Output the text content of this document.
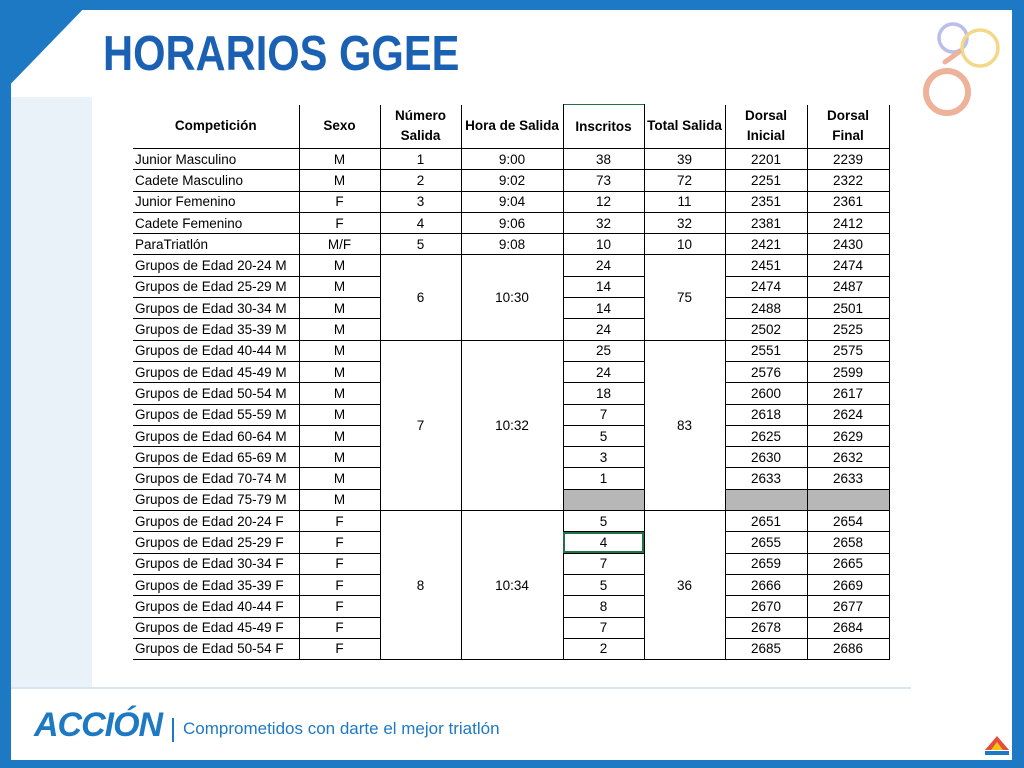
HORARIOS GGEE
Competición	Sexo	Número Salida	Hora de Salida	Inscritos	Total Salida	Dorsal Inicial	Dorsal Final
Junior Masculino	M	1	9:00	38	39	2201	2239
Cadete Masculino	M	2	9:02	73	72	2251	2322
Junior Femenino	F	3	9:04	12	11	2351	2361
Cadete Femenino	F	4	9:06	32	32	2381	2412
ParaTriatlón	M/F	5	9:08	10	10	2421	2430
Grupos de Edad 20-24 M	M	6	10:30	24	75	2451	2474
Grupos de Edad 25-29 M	M			14		2474	2487
Grupos de Edad 30-34 M	M			14		2488	2501
Grupos de Edad 35-39 M	M			24		2502	2525
Grupos de Edad 40-44 M	M	7	10:32	25	83	2551	2575
Grupos de Edad 45-49 M	M			24		2576	2599
Grupos de Edad 50-54 M	M			18		2600	2617
Grupos de Edad 55-59 M	M			7		2618	2624
Grupos de Edad 60-64 M	M			5		2625	2629
Grupos de Edad 65-69 M	M			3		2630	2632
Grupos de Edad 70-74 M	M			1		2633	2633
Grupos de Edad 75-79 M	M						
Grupos de Edad 20-24 F	F	8	10:34	5	36	2651	2654
Grupos de Edad 25-29 F	F			4		2655	2658
Grupos de Edad 30-34 F	F			7		2659	2665
Grupos de Edad 35-39 F	F			5		2666	2669
Grupos de Edad 40-44 F	F			8		2670	2677
Grupos de Edad 45-49 F	F			7		2678	2684
Grupos de Edad 50-54 F	F			2		2685	2686
ACCIÓN Comprometidos con darte el mejor triatlón
